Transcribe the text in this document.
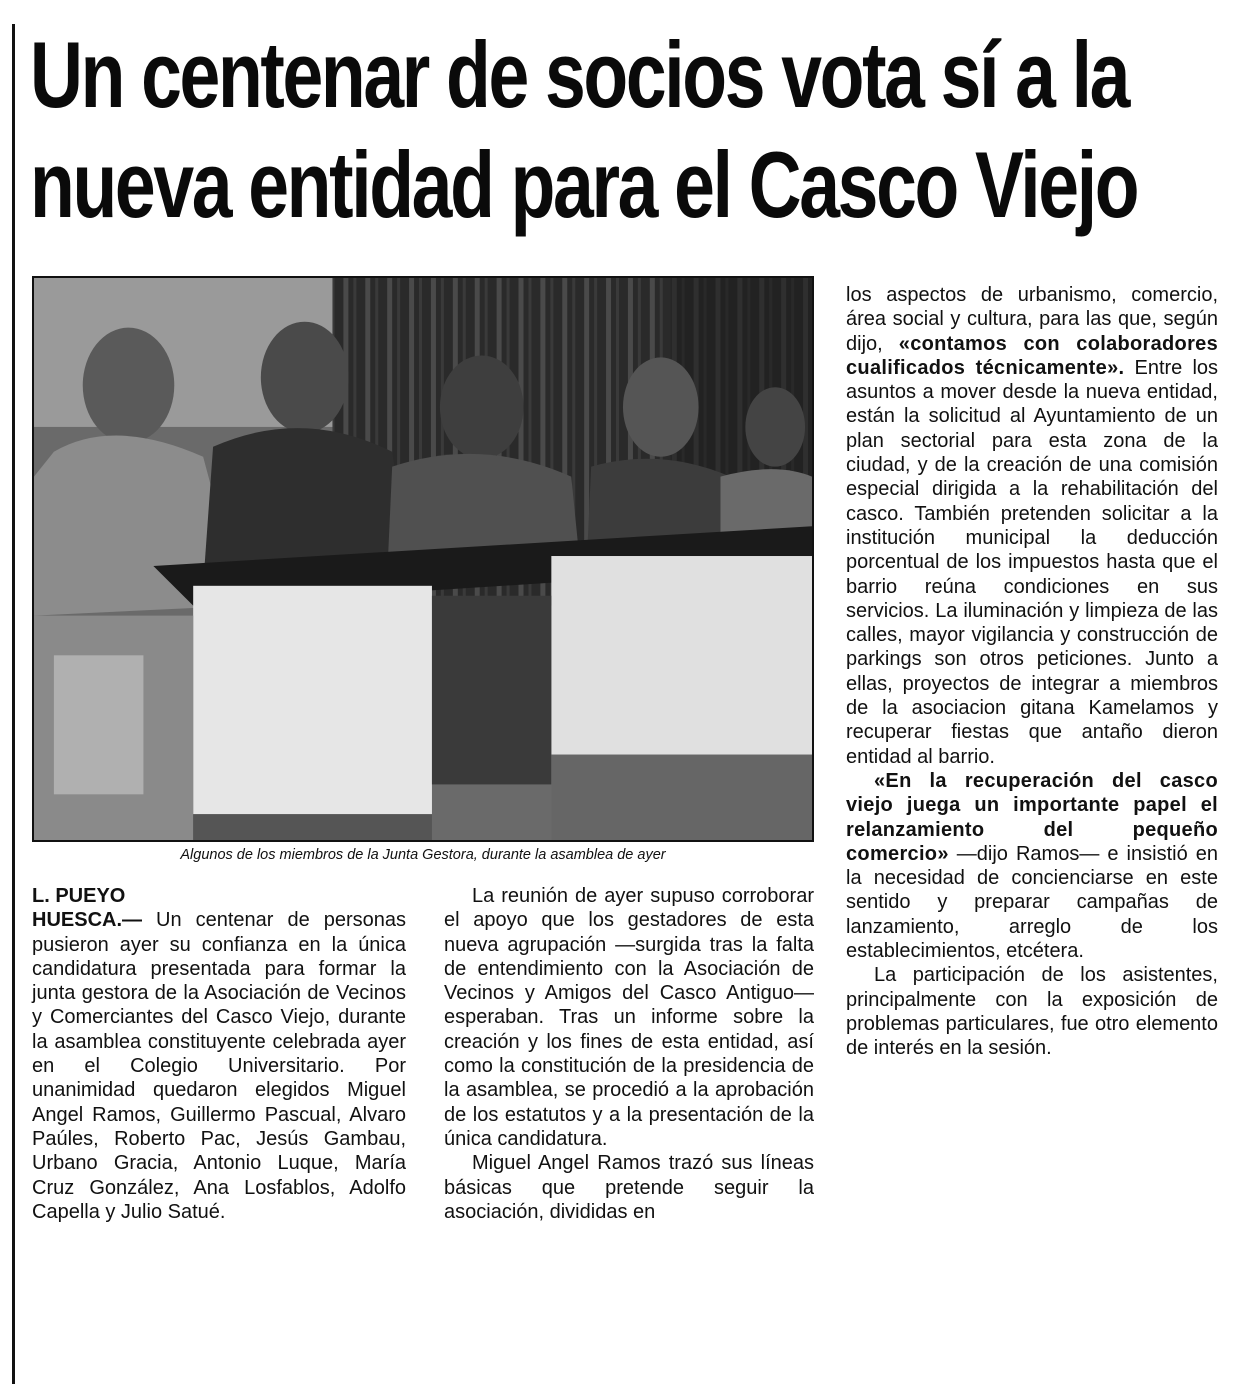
Un centenar de socios vota sí a la
nueva entidad para el Casco Viejo
Algunos de los miembros de la Junta Gestora, durante la asamblea de ayer
L. PUEYO

HUESCA.— Un centenar de personas pusieron ayer su confianza en la única candidatura presentada para formar la junta gestora de la Asociación de Vecinos y Comerciantes del Casco Viejo, durante la asamblea constituyente celebrada ayer en el Colegio Universitario. Por unanimidad quedaron elegidos Miguel Angel Ramos, Guillermo Pascual, Alvaro Paúles, Roberto Pac, Jesús Gambau, Urbano Gracia, Antonio Luque, María Cruz González, Ana Losfablos, Adolfo Capella y Julio Satué.

La reunión de ayer supuso corroborar el apoyo que los gestadores de esta nueva agrupación —surgida tras la falta de entendimiento con la Asociación de Vecinos y Amigos del Casco Antiguo— esperaban. Tras un informe sobre la creación y los fines de esta entidad, así como la constitución de la presidencia de la asamblea, se procedió a la aprobación de los estatutos y a la presentación de la única candidatura.

Miguel Angel Ramos trazó sus líneas básicas que pretende seguir la asociación, divididas en

los aspectos de urbanismo, comercio, área social y cultura, para las que, según dijo, «contamos con colaboradores cualificados técnicamente». Entre los asuntos a mover desde la nueva entidad, están la solicitud al Ayuntamiento de un plan sectorial para esta zona de la ciudad, y de la creación de una comisión especial dirigida a la rehabilitación del casco. También pretenden solicitar a la institución municipal la deducción porcentual de los impuestos hasta que el barrio reúna condiciones en sus servicios. La iluminación y limpieza de las calles, mayor vigilancia y construcción de parkings son otros peticiones. Junto a ellas, proyectos de integrar a miembros de la asociacion gitana Kamelamos y recuperar fiestas que antaño dieron entidad al barrio.

«En la recuperación del casco viejo juega un importante papel el relanzamiento del pequeño comercio» —dijo Ramos— e insistió en la necesidad de concienciarse en este sentido y preparar campañas de lanzamiento, arreglo de los establecimientos, etcétera.

La participación de los asistentes, principalmente con la exposición de problemas particulares, fue otro elemento de interés en la sesión.
